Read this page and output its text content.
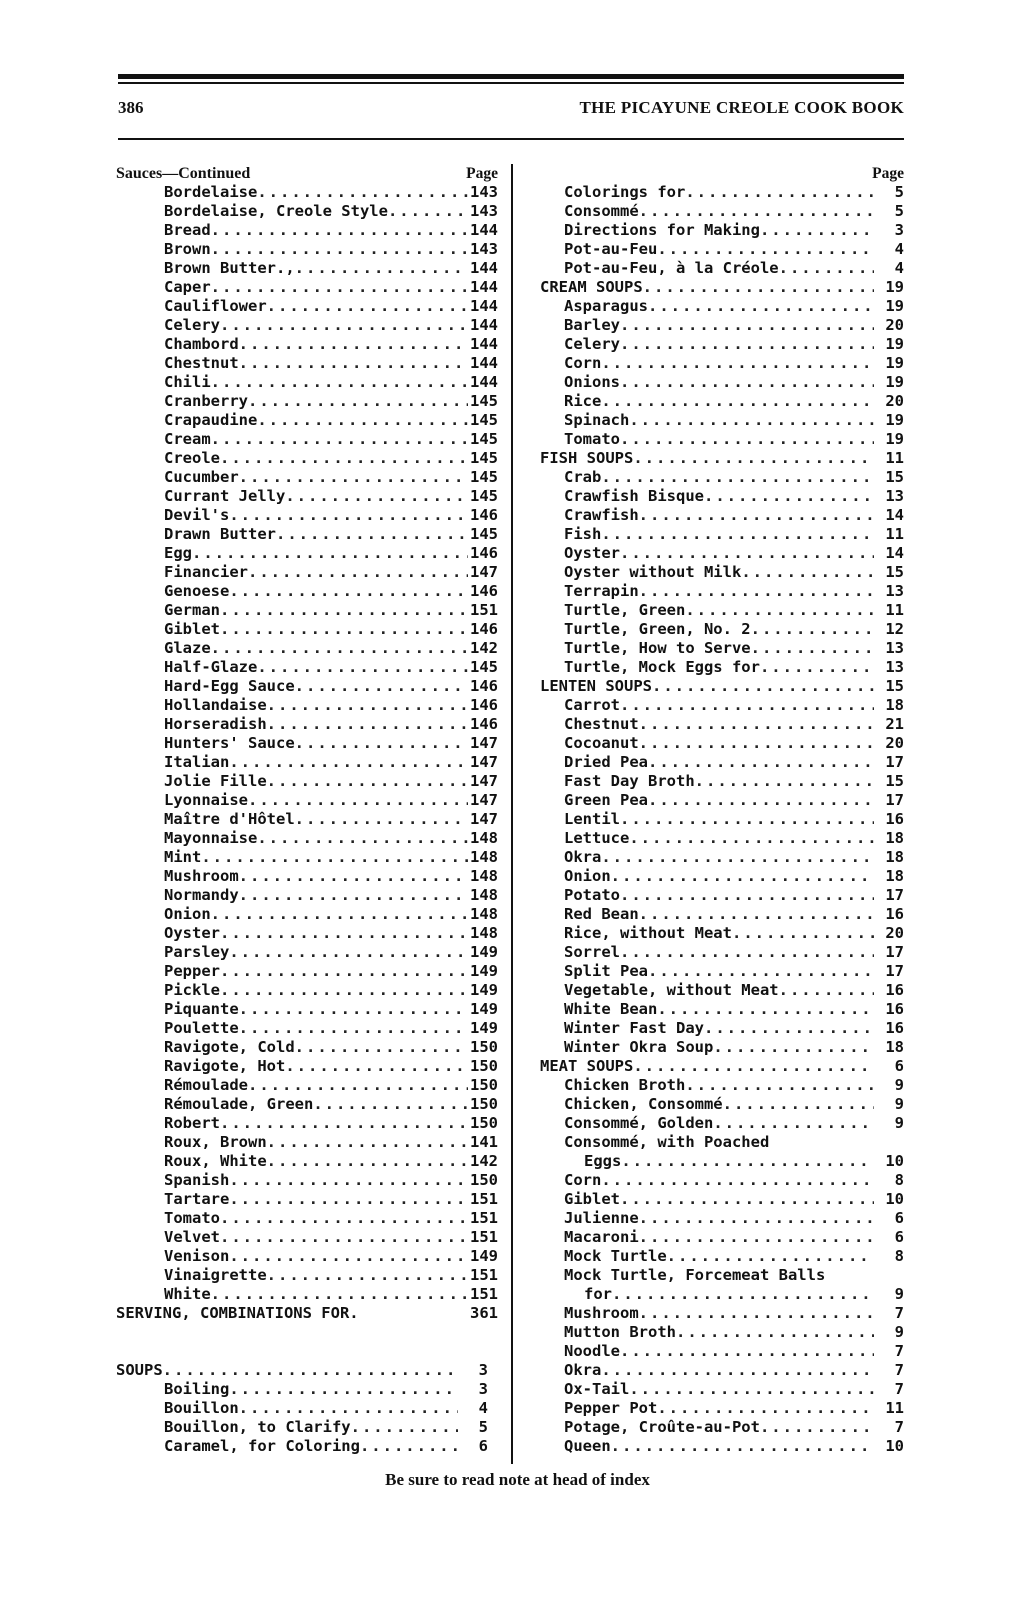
386	THE PICAYUNE CREOLE COOK BOOK
Sauces—Continued	Page
Bordelaise .....	143
Bordelaise, Creole Style .....	143
Bread .....	144
Brown .....	143
Brown Butter., .....	144
Caper .....	144
Cauliflower .....	144
Celery .....	144
Chambord .....	144
Chestnut .....	144
Chili .....	144
Cranberry .....	145
Crapaudine .....	145
Cream .....	145
Creole .....	145
Cucumber .....	145
Currant Jelly .....	145
Devil's .....	146
Drawn Butter .....	145
Egg .....	146
Financier .....	147
Genoese .....	146
German .....	151
Giblet .....	146
Glaze .....	142
Half-Glaze .....	145
Hard-Egg Sauce .....	146
Hollandaise .....	146
Horseradish .....	146
Hunters' Sauce .....	147
Italian .....	147
Jolie Fille .....	147
Lyonnaise .....	147
Maître d'Hôtel .....	147
Mayonnaise .....	148
Mint .....	148
Mushroom .....	148
Normandy .....	148
Onion .....	148
Oyster .....	148
Parsley .....	149
Pepper .....	149
Pickle .....	149
Piquante .....	149
Poulette .....	149
Ravigote, Cold .....	150
Ravigote, Hot .....	150
Rémoulade .....	150
Rémoulade, Green .....	150
Robert .....	150
Roux, Brown .....	141
Roux, White .....	142
Spanish .....	150
Tartare .....	151
Tomato .....	151
Velvet .....	151
Venison .....	149
Vinaigrette .....	151
White .....	151
SERVING, COMBINATIONS FOR.	361
SOUPS .....	3
Boiling .....	3
Bouillon .....	4
Bouillon, to Clarify .....	5
Caramel, for Coloring .....	6
Page
Colorings for .....	5
Consommé .....	5
Directions for Making .....	3
Pot-au-Feu .....	4
Pot-au-Feu, à la Créole .....	4
CREAM SOUPS .....	19
Asparagus .....	19
Barley .....	20
Celery .....	19
Corn .....	19
Onions .....	19
Rice .....	20
Spinach .....	19
Tomato .....	19
FISH SOUPS .....	11
Crab .....	15
Crawfish Bisque .....	13
Crawfish .....	14
Fish .....	11
Oyster .....	14
Oyster without Milk .....	15
Terrapin .....	13
Turtle, Green .....	11
Turtle, Green, No. 2 .....	12
Turtle, How to Serve .....	13
Turtle, Mock Eggs for .....	13
LENTEN SOUPS .....	15
Carrot .....	18
Chestnut .....	21
Cocoanut .....	20
Dried Pea .....	17
Fast Day Broth .....	15
Green Pea .....	17
Lentil .....	16
Lettuce .....	18
Okra .....	18
Onion .....	18
Potato .....	17
Red Bean .....	16
Rice, without Meat .....	20
Sorrel .....	17
Split Pea .....	17
Vegetable, without Meat .....	16
White Bean .....	16
Winter Fast Day .....	16
Winter Okra Soup .....	18
MEAT SOUPS .....	6
Chicken Broth .....	9
Chicken, Consommé .....	9
Consommé, Golden .....	9
Consommé, with Poached
Eggs .....	10
Corn .....	8
Giblet .....	10
Julienne .....	6
Macaroni .....	6
Mock Turtle .....	8
Mock Turtle, Forcemeat Balls
for .....	9
Mushroom .....	7
Mutton Broth .....	9
Noodle .....	7
Okra .....	7
Ox-Tail .....	7
Pepper Pot .....	11
Potage, Croûte-au-Pot .....	7
Queen .....	10
Be sure to read note at head of index
